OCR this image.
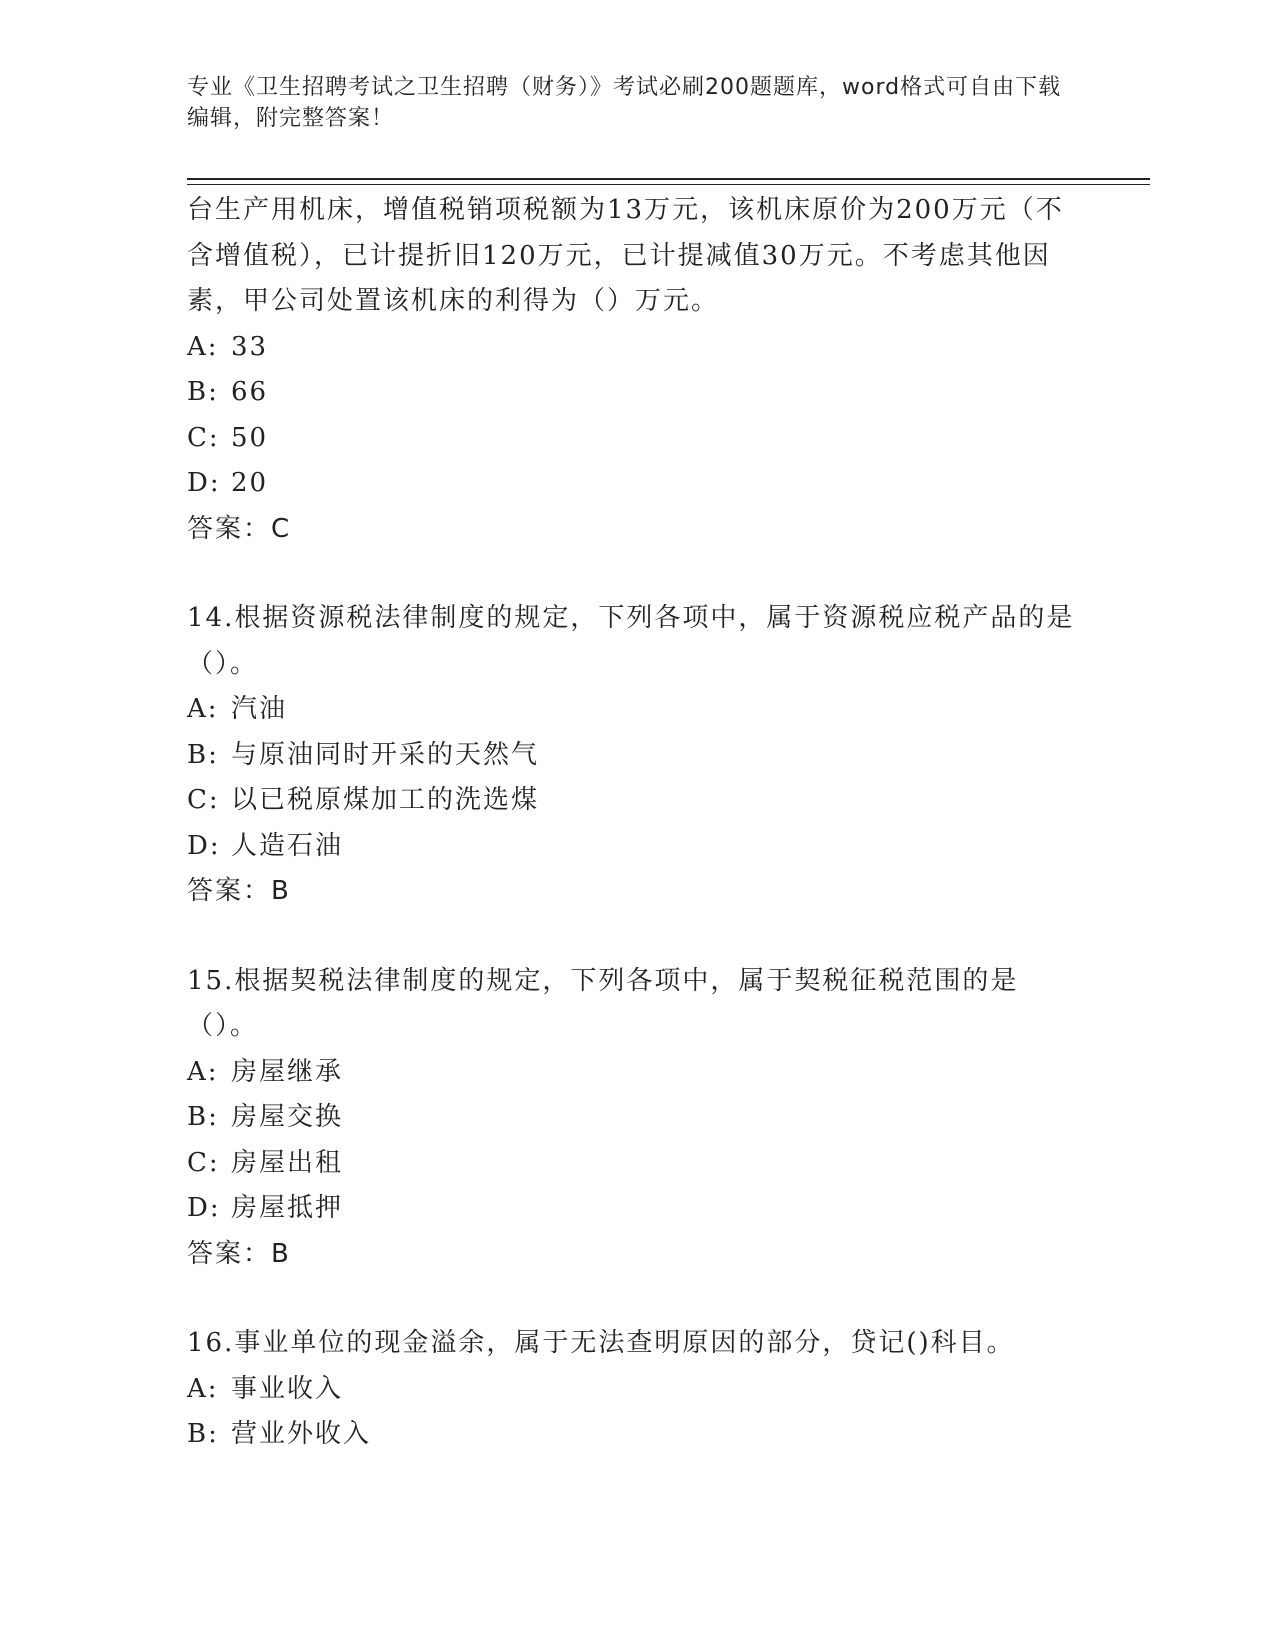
专业《卫生招聘考试之卫生招聘（财务）》考试必刷200题题库，word格式可自由下载编辑，附完整答案！

台生产用机床，增值税销项税额为13万元，该机床原价为200万元（不含增值税），已计提折旧120万元，已计提减值30万元。不考虑其他因素，甲公司处置该机床的利得为（）万元。

A: 33

B: 66

C: 50

D: 20

答案：C

14.根据资源税法律制度的规定，下列各项中，属于资源税应税产品的是（）。

A: 汽油

B: 与原油同时开采的天然气

C: 以已税原煤加工的洗选煤

D: 人造石油

答案：B

15.根据契税法律制度的规定，下列各项中，属于契税征税范围的是（）。

A: 房屋继承

B: 房屋交换

C: 房屋出租

D: 房屋抵押

答案：B

16.事业单位的现金溢余，属于无法查明原因的部分，贷记()科目。

A: 事业收入

B: 营业外收入
